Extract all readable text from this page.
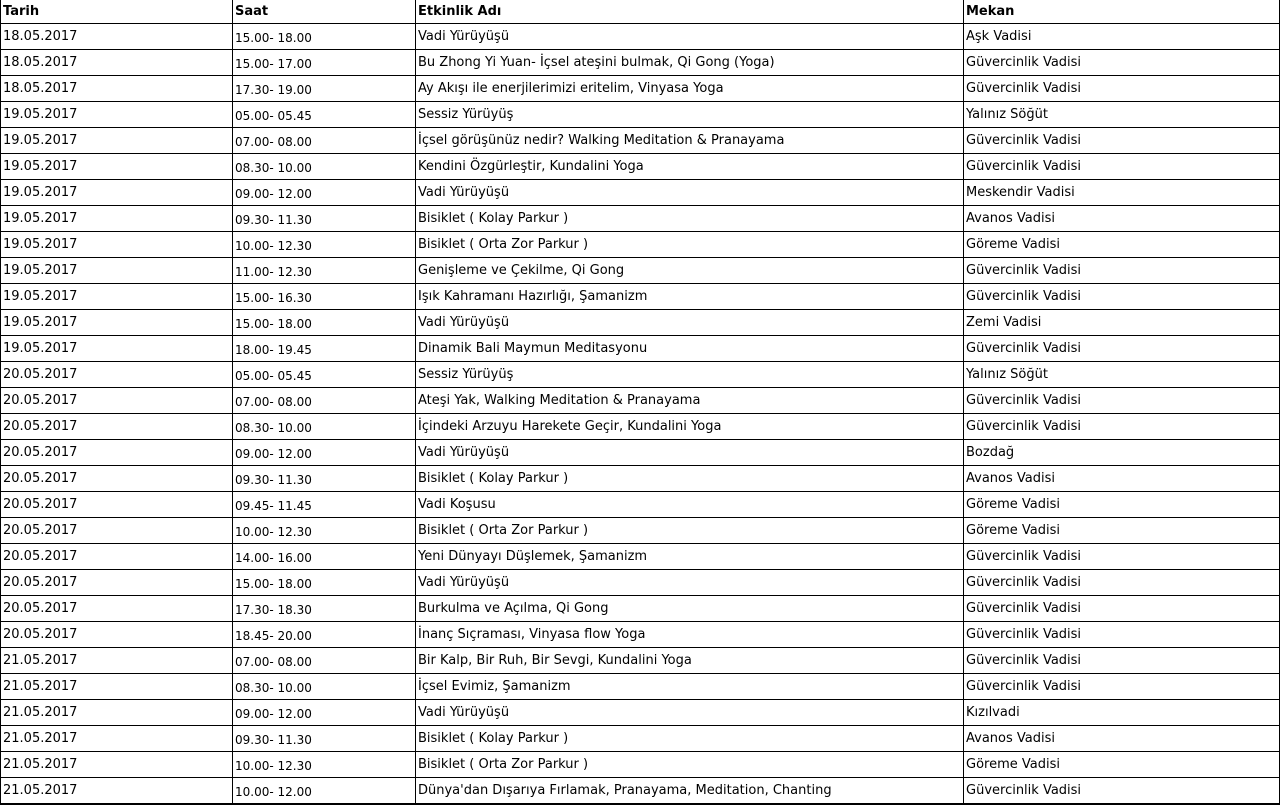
Tarih	Saat	Etkinlik Adı	Mekan
18.05.2017	15.00- 18.00	Vadi Yürüyüşü	Aşk Vadisi
18.05.2017	15.00- 17.00	Bu Zhong Yi Yuan- İçsel ateşini bulmak, Qi Gong (Yoga)	Güvercinlik Vadisi
18.05.2017	17.30- 19.00	Ay Akışı ile enerjilerimizi eritelim, Vinyasa Yoga	Güvercinlik Vadisi
19.05.2017	05.00- 05.45	Sessiz Yürüyüş	Yalınız Söğüt
19.05.2017	07.00- 08.00	İçsel görüşünüz nedir? Walking Meditation & Pranayama	Güvercinlik Vadisi
19.05.2017	08.30- 10.00	Kendini Özgürleştir, Kundalini Yoga	Güvercinlik Vadisi
19.05.2017	09.00- 12.00	Vadi Yürüyüşü	Meskendir Vadisi
19.05.2017	09.30- 11.30	Bisiklet ( Kolay Parkur )	Avanos Vadisi
19.05.2017	10.00- 12.30	Bisiklet ( Orta Zor Parkur )	Göreme Vadisi
19.05.2017	11.00- 12.30	Genişleme ve Çekilme, Qi Gong	Güvercinlik Vadisi
19.05.2017	15.00- 16.30	Işık Kahramanı Hazırlığı, Şamanizm	Güvercinlik Vadisi
19.05.2017	15.00- 18.00	Vadi Yürüyüşü	Zemi Vadisi
19.05.2017	18.00- 19.45	Dinamik Bali Maymun Meditasyonu	Güvercinlik Vadisi
20.05.2017	05.00- 05.45	Sessiz Yürüyüş	Yalınız Söğüt
20.05.2017	07.00- 08.00	Ateşi Yak, Walking Meditation & Pranayama	Güvercinlik Vadisi
20.05.2017	08.30- 10.00	İçindeki Arzuyu Harekete Geçir, Kundalini Yoga	Güvercinlik Vadisi
20.05.2017	09.00- 12.00	Vadi Yürüyüşü	Bozdağ
20.05.2017	09.30- 11.30	Bisiklet ( Kolay Parkur )	Avanos Vadisi
20.05.2017	09.45- 11.45	Vadi Koşusu	Göreme Vadisi
20.05.2017	10.00- 12.30	Bisiklet ( Orta Zor Parkur )	Göreme Vadisi
20.05.2017	14.00- 16.00	Yeni Dünyayı Düşlemek, Şamanizm	Güvercinlik Vadisi
20.05.2017	15.00- 18.00	Vadi Yürüyüşü	Güvercinlik Vadisi
20.05.2017	17.30- 18.30	Burkulma ve Açılma, Qi Gong	Güvercinlik Vadisi
20.05.2017	18.45- 20.00	İnanç Sıçraması, Vinyasa flow Yoga	Güvercinlik Vadisi
21.05.2017	07.00- 08.00	Bir Kalp, Bir Ruh, Bir Sevgi, Kundalini Yoga	Güvercinlik Vadisi
21.05.2017	08.30- 10.00	İçsel Evimiz, Şamanizm	Güvercinlik Vadisi
21.05.2017	09.00- 12.00	Vadi Yürüyüşü	Kızılvadi
21.05.2017	09.30- 11.30	Bisiklet ( Kolay Parkur )	Avanos Vadisi
21.05.2017	10.00- 12.30	Bisiklet ( Orta Zor Parkur )	Göreme Vadisi
21.05.2017	10.00- 12.00	Dünya'dan Dışarıya Fırlamak, Pranayama, Meditation, Chanting	Güvercinlik Vadisi
